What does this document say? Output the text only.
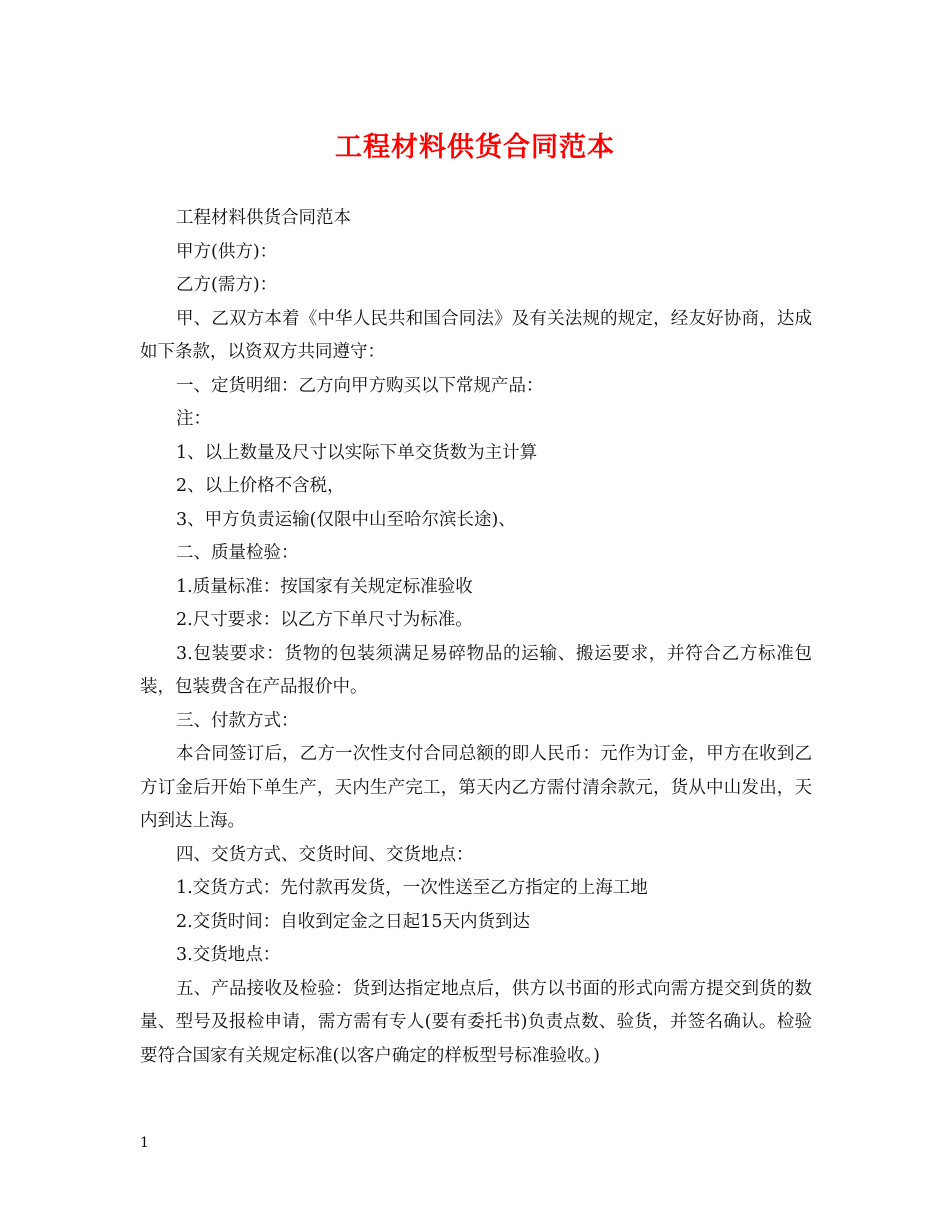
工程材料供货合同范本

工程材料供货合同范本

甲方(供方)：

乙方(需方)：

甲、乙双方本着《中华人民共和国合同法》及有关法规的规定，经友好协商，达成如下条款，以资双方共同遵守：

一、定货明细：乙方向甲方购买以下常规产品：

注：

1、以上数量及尺寸以实际下单交货数为主计算

2、以上价格不含税，

3、甲方负责运输(仅限中山至哈尔滨长途)、

二、质量检验：

1.质量标准：按国家有关规定标准验收

2.尺寸要求：以乙方下单尺寸为标准。

3.包装要求：货物的包装须满足易碎物品的运输、搬运要求，并符合乙方标准包装，包装费含在产品报价中。

三、付款方式：

本合同签订后，乙方一次性支付合同总额的即人民币：元作为订金，甲方在收到乙方订金后开始下单生产，天内生产完工，第天内乙方需付清余款元，货从中山发出，天内到达上海。

四、交货方式、交货时间、交货地点：

1.交货方式：先付款再发货，一次性送至乙方指定的上海工地

2.交货时间：自收到定金之日起15天内货到达

3.交货地点：

五、产品接收及检验：货到达指定地点后，供方以书面的形式向需方提交到货的数量、型号及报检申请，需方需有专人(要有委托书)负责点数、验货，并签名确认。检验要符合国家有关规定标准(以客户确定的样板型号标准验收。)

1
